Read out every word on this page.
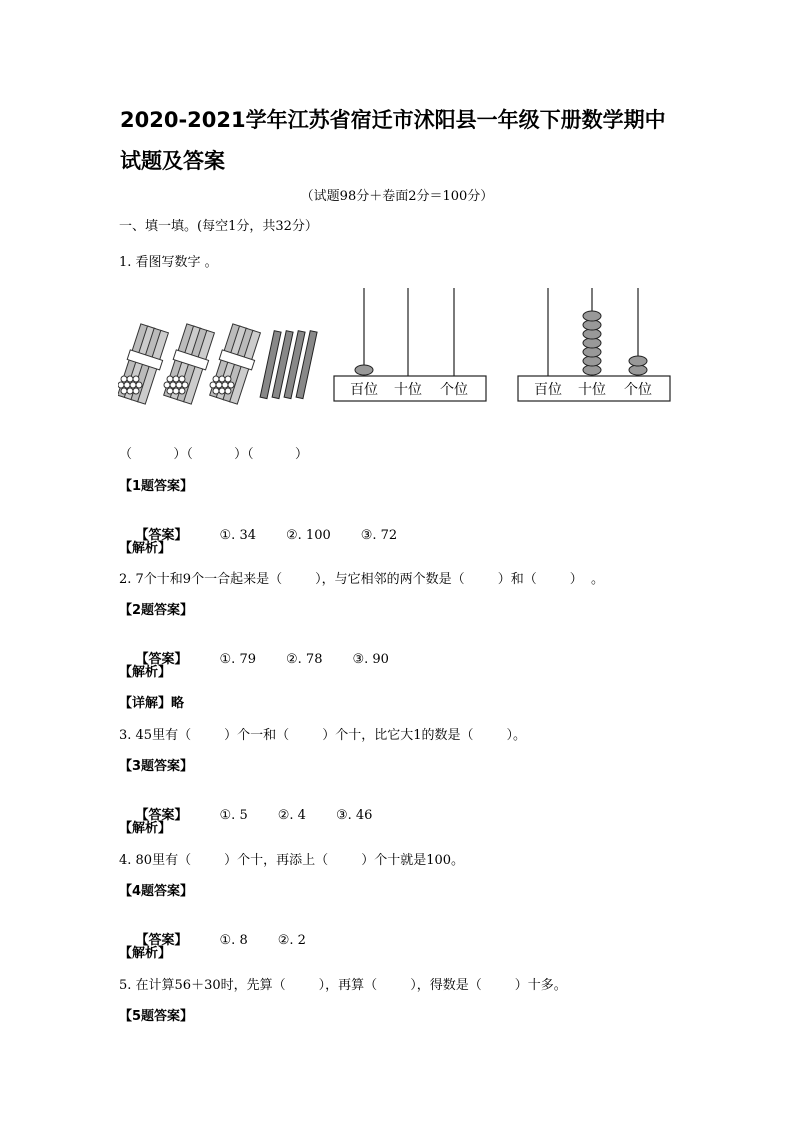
2020-2021学年江苏省宿迁市沭阳县一年级下册数学期中试题及答案
（试题98分＋卷面2分＝100分）
一、填一填。(每空1分，共32分）
1. 看图写数字 。
百位 十位 个位	百位 十位 个位
（          ）（          ）（          ）
【1题答案】

【答案】 ①. 34 ②. 100 ③. 72

【解析】
2. 7个十和9个一合起来是（        ），与它相邻的两个数是（        ）和（        ）  。
【2题答案】

【答案】 ①. 79 ②. 78 ③. 90

【解析】
【详解】略
3. 45里有（        ）个一和（        ）个十，比它大1的数是（        ）。
【3题答案】

【答案】 ①. 5 ②. 4 ③. 46

【解析】
4. 80里有（        ）个十，再添上（        ）个十就是100。
【4题答案】

【答案】 ①. 8 ②. 2

【解析】
5. 在计算56＋30时，先算（        ），再算（        ），得数是（        ）十多。
【5题答案】
